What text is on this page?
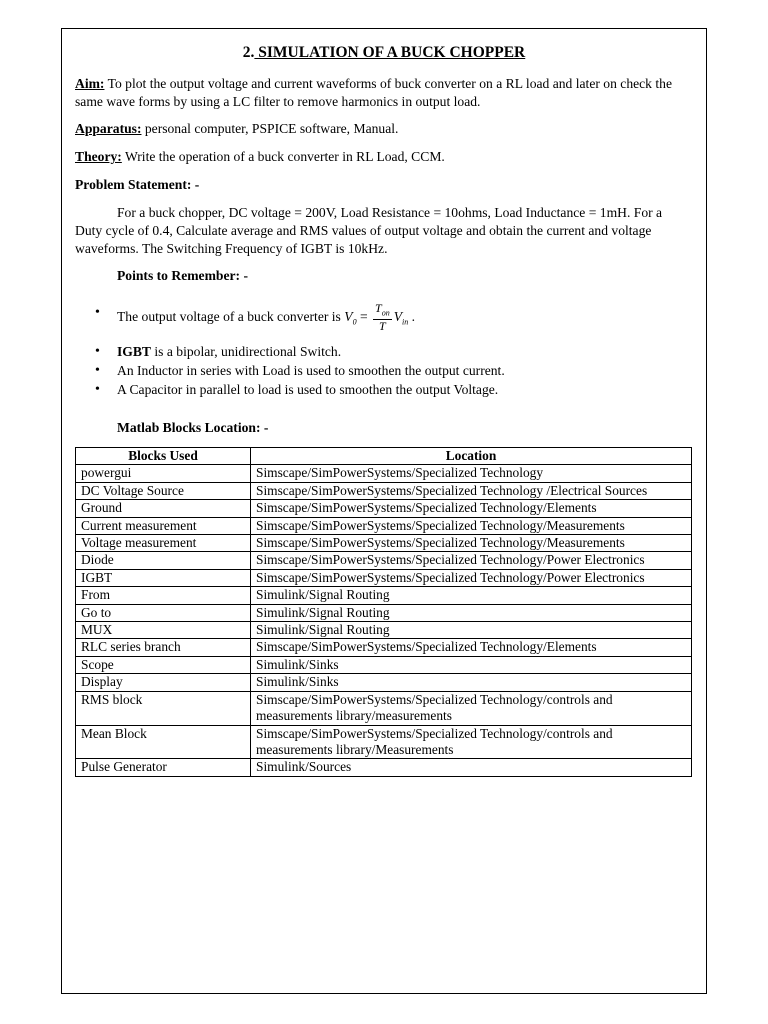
2. SIMULATION OF A BUCK CHOPPER
Aim: To plot the output voltage and current waveforms of buck converter on a RL load and later on check the same wave forms by using a LC filter to remove harmonics in output load.
Apparatus: personal computer, PSPICE software, Manual.
Theory: Write the operation of a buck converter in RL Load, CCM.
Problem Statement: -
For a buck chopper, DC voltage = 200V, Load Resistance = 10ohms, Load Inductance = 1mH. For a Duty cycle of 0.4, Calculate average and RMS values of output voltage and obtain the current and voltage waveforms. The Switching Frequency of IGBT is 10kHz.
Points to Remember: -
• The output voltage of a buck converter is $V_0 = \frac{T_{on}}{T} V_{in}$ .
• IGBT is a bipolar, unidirectional Switch.
• An Inductor in series with Load is used to smoothen the output current.
• A Capacitor in parallel to load is used to smoothen the output Voltage.
Matlab Blocks Location: -
Blocks Used	Location
powergui	Simscape/SimPowerSystems/Specialized Technology
DC Voltage Source	Simscape/SimPowerSystems/Specialized Technology /Electrical Sources
Ground	Simscape/SimPowerSystems/Specialized Technology/Elements
Current measurement	Simscape/SimPowerSystems/Specialized Technology/Measurements
Voltage measurement	Simscape/SimPowerSystems/Specialized Technology/Measurements
Diode	Simscape/SimPowerSystems/Specialized Technology/Power Electronics
IGBT	Simscape/SimPowerSystems/Specialized Technology/Power Electronics
From	Simulink/Signal Routing
Go to	Simulink/Signal Routing
MUX	Simulink/Signal Routing
RLC series branch	Simscape/SimPowerSystems/Specialized Technology/Elements
Scope	Simulink/Sinks
Display	Simulink/Sinks
RMS block	Simscape/SimPowerSystems/Specialized Technology/controls and measurements library/measurements
Mean Block	Simscape/SimPowerSystems/Specialized Technology/controls and measurements library/Measurements
Pulse Generator	Simulink/Sources
